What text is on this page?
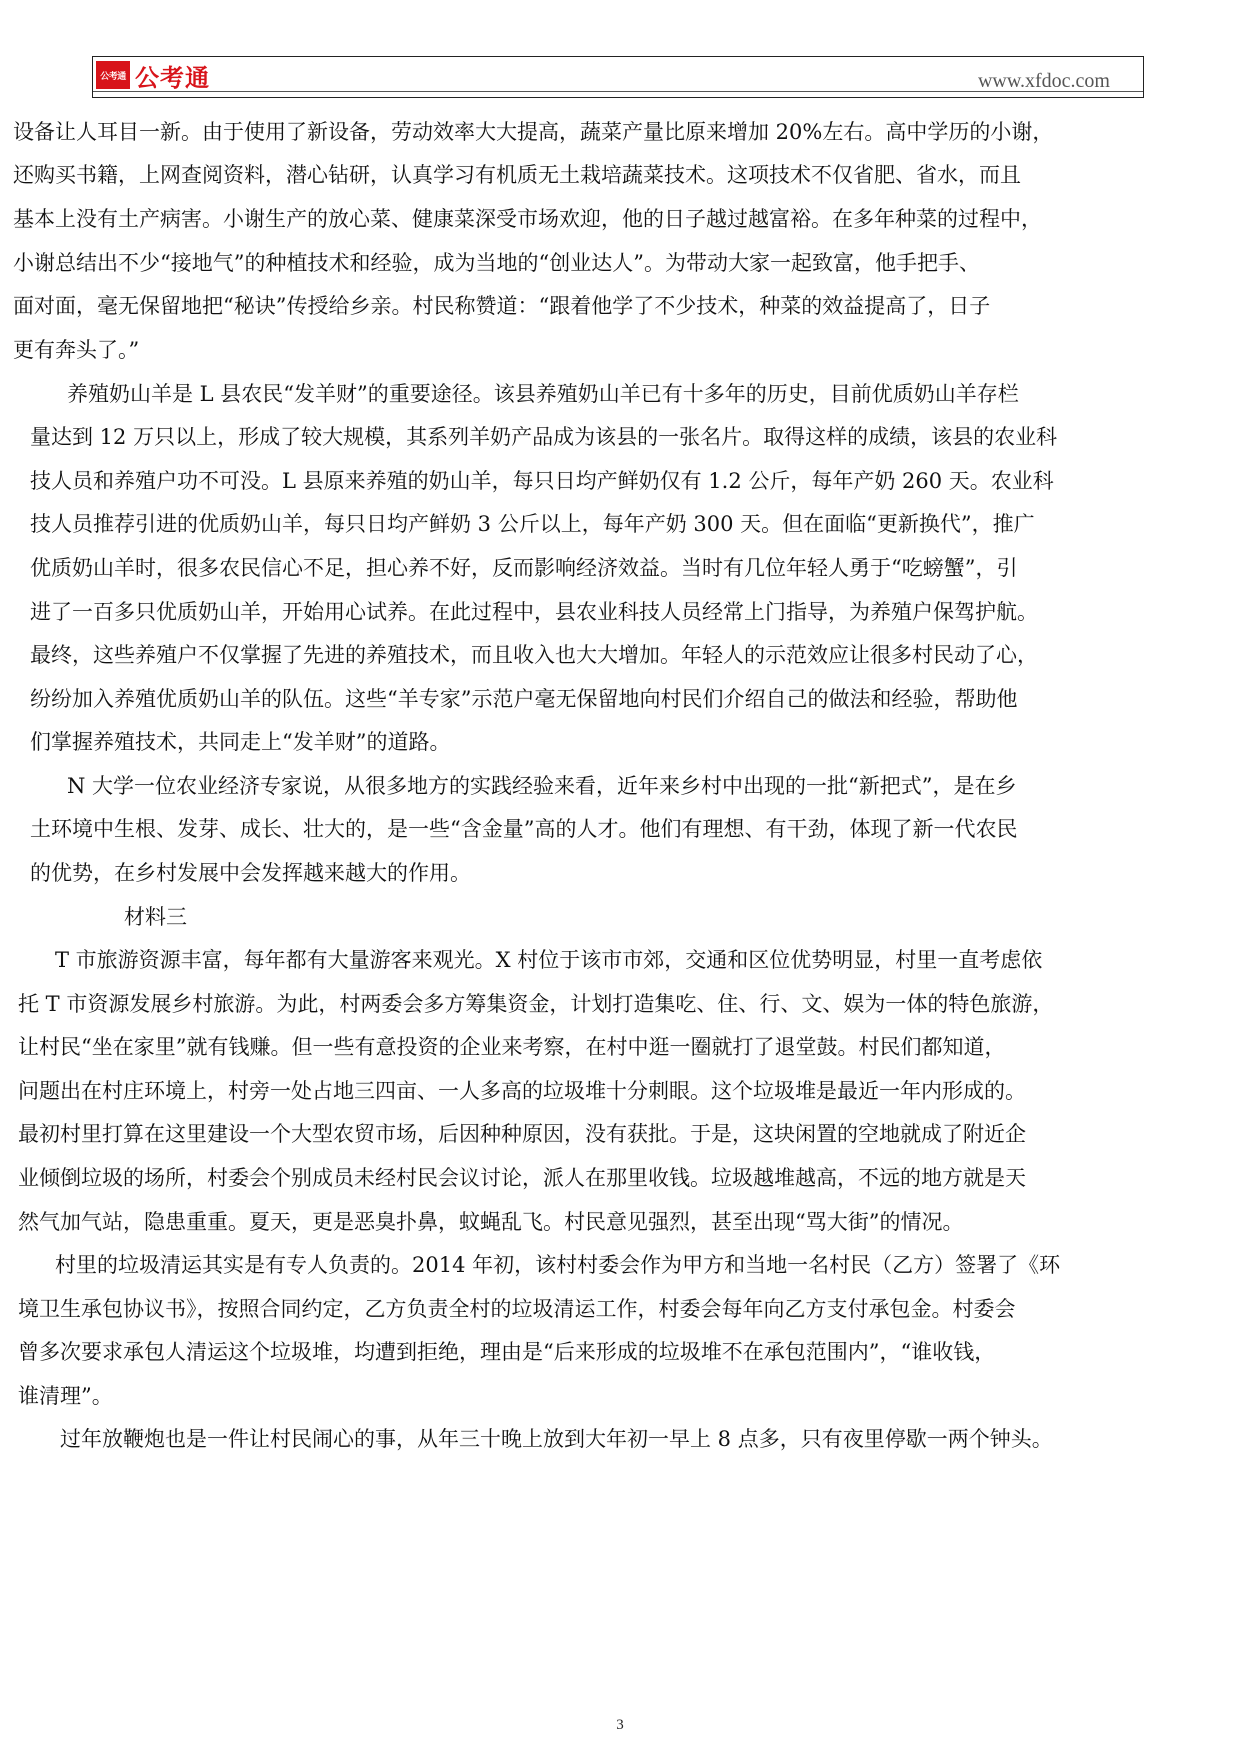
公考通 公考通	www.xfdoc.com
设备让人耳目一新。由于使用了新设备，劳动效率大大提高，蔬菜产量比原来增加 20%左右。高中学历的小谢，
还购买书籍，上网查阅资料，潜心钻研，认真学习有机质无土栽培蔬菜技术。这项技术不仅省肥、省水，而且
基本上没有土产病害。小谢生产的放心菜、健康菜深受市场欢迎，他的日子越过越富裕。在多年种菜的过程中，
小谢总结出不少“接地气”的种植技术和经验，成为当地的“创业达人”。为带动大家一起致富，他手把手、
面对面，毫无保留地把“秘诀”传授给乡亲。村民称赞道：“跟着他学了不少技术，种菜的效益提高了，日子
更有奔头了。”
养殖奶山羊是 L 县农民“发羊财”的重要途径。该县养殖奶山羊已有十多年的历史，目前优质奶山羊存栏
量达到 12 万只以上，形成了较大规模，其系列羊奶产品成为该县的一张名片。取得这样的成绩，该县的农业科
技人员和养殖户功不可没。L 县原来养殖的奶山羊，每只日均产鲜奶仅有 1.2 公斤，每年产奶 260 天。农业科
技人员推荐引进的优质奶山羊，每只日均产鲜奶 3 公斤以上，每年产奶 300 天。但在面临“更新换代”，推广
优质奶山羊时，很多农民信心不足，担心养不好，反而影响经济效益。当时有几位年轻人勇于“吃螃蟹”，引
进了一百多只优质奶山羊，开始用心试养。在此过程中，县农业科技人员经常上门指导，为养殖户保驾护航。
最终，这些养殖户不仅掌握了先进的养殖技术，而且收入也大大增加。年轻人的示范效应让很多村民动了心，
纷纷加入养殖优质奶山羊的队伍。这些“羊专家”示范户毫无保留地向村民们介绍自己的做法和经验，帮助他
们掌握养殖技术，共同走上“发羊财”的道路。
N 大学一位农业经济专家说，从很多地方的实践经验来看，近年来乡村中出现的一批“新把式”，是在乡
土环境中生根、发芽、成长、壮大的，是一些“含金量”高的人才。他们有理想、有干劲，体现了新一代农民
的优势，在乡村发展中会发挥越来越大的作用。
材料三
T 市旅游资源丰富，每年都有大量游客来观光。X 村位于该市市郊，交通和区位优势明显，村里一直考虑依
托 T 市资源发展乡村旅游。为此，村两委会多方筹集资金，计划打造集吃、住、行、文、娱为一体的特色旅游，
让村民“坐在家里”就有钱赚。但一些有意投资的企业来考察，在村中逛一圈就打了退堂鼓。村民们都知道，
问题出在村庄环境上，村旁一处占地三四亩、一人多高的垃圾堆十分刺眼。这个垃圾堆是最近一年内形成的。
最初村里打算在这里建设一个大型农贸市场，后因种种原因，没有获批。于是，这块闲置的空地就成了附近企
业倾倒垃圾的场所，村委会个别成员未经村民会议讨论，派人在那里收钱。垃圾越堆越高，不远的地方就是天
然气加气站，隐患重重。夏天，更是恶臭扑鼻，蚊蝇乱飞。村民意见强烈，甚至出现“骂大街”的情况。
村里的垃圾清运其实是有专人负责的。2014 年初，该村村委会作为甲方和当地一名村民（乙方）签署了《环
境卫生承包协议书》，按照合同约定，乙方负责全村的垃圾清运工作，村委会每年向乙方支付承包金。村委会
曾多次要求承包人清运这个垃圾堆，均遭到拒绝，理由是“后来形成的垃圾堆不在承包范围内”，“谁收钱，
谁清理”。
过年放鞭炮也是一件让村民闹心的事，从年三十晚上放到大年初一早上 8 点多，只有夜里停歇一两个钟头。
3
